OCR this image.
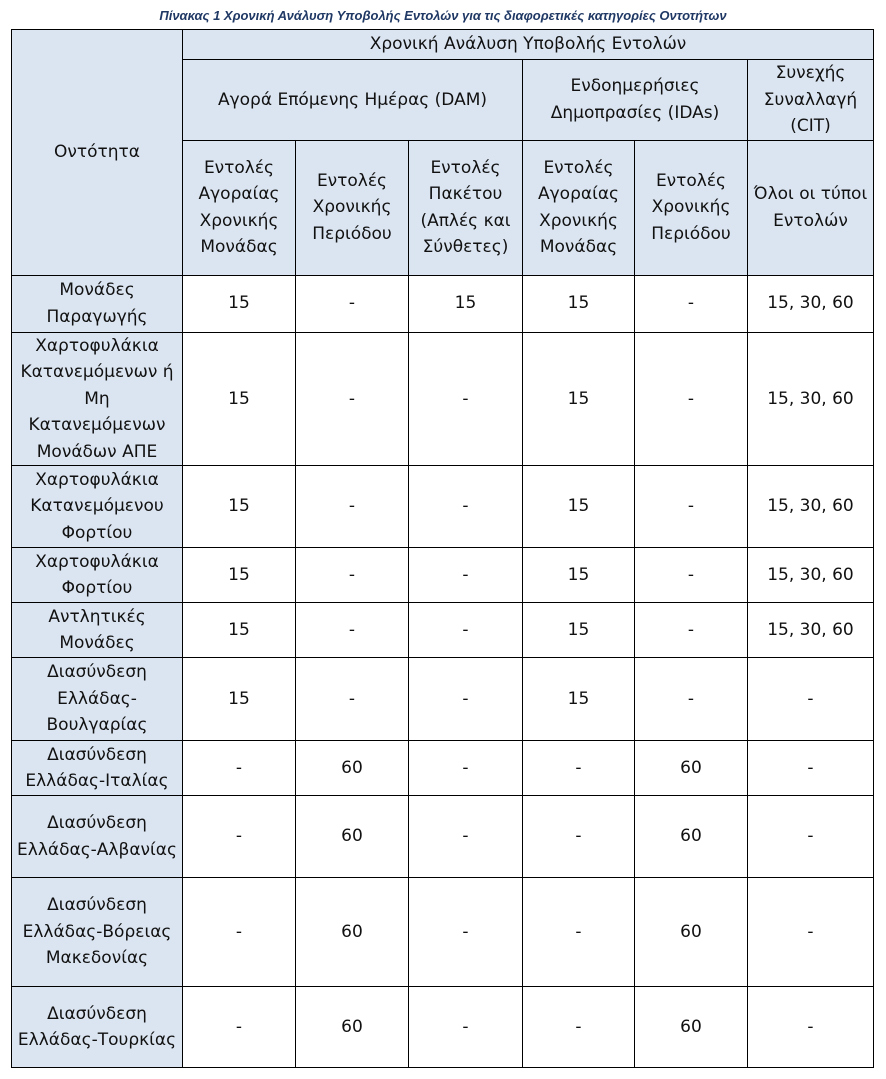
Πίνακας 1 Χρονική Ανάλυση Υποβολής Εντολών για τις διαφορετικές κατηγορίες Οντοτήτων
Οντότητα	Χρονική Ανάλυση Υποβολής Εντολών					
	Αγορά Επόμενης Ημέρας (DAM)			Ενδοημερήσιες Δημοπρασίες (IDAs)		Συνεχής Συναλλαγή (CIT)
	Εντολές Αγοραίας Χρονικής Μονάδας	Εντολές Χρονικής Περιόδου	Εντολές Πακέτου (Απλές και Σύνθετες)	Εντολές Αγοραίας Χρονικής Μονάδας	Εντολές Χρονικής Περιόδου	Όλοι οι τύποι Εντολών
Μονάδες Παραγωγής	15	-	15	15	-	15, 30, 60
Χαρτοφυλάκια Κατανεμόμενων ή Μη Κατανεμόμενων Μονάδων ΑΠΕ	15	-	-	15	-	15, 30, 60
Χαρτοφυλάκια Κατανεμόμενου Φορτίου	15	-	-	15	-	15, 30, 60
Χαρτοφυλάκια Φορτίου	15	-	-	15	-	15, 30, 60
Αντλητικές Μονάδες	15	-	-	15	-	15, 30, 60
Διασύνδεση Ελλάδας-Βουλγαρίας	15	-	-	15	-	-
Διασύνδεση Ελλάδας-Ιταλίας	-	60	-	-	60	-
Διασύνδεση Ελλάδας-Αλβανίας	-	60	-	-	60	-
Διασύνδεση Ελλάδας-Βόρειας Μακεδονίας	-	60	-	-	60	-
Διασύνδεση Ελλάδας-Τουρκίας	-	60	-	-	60	-
